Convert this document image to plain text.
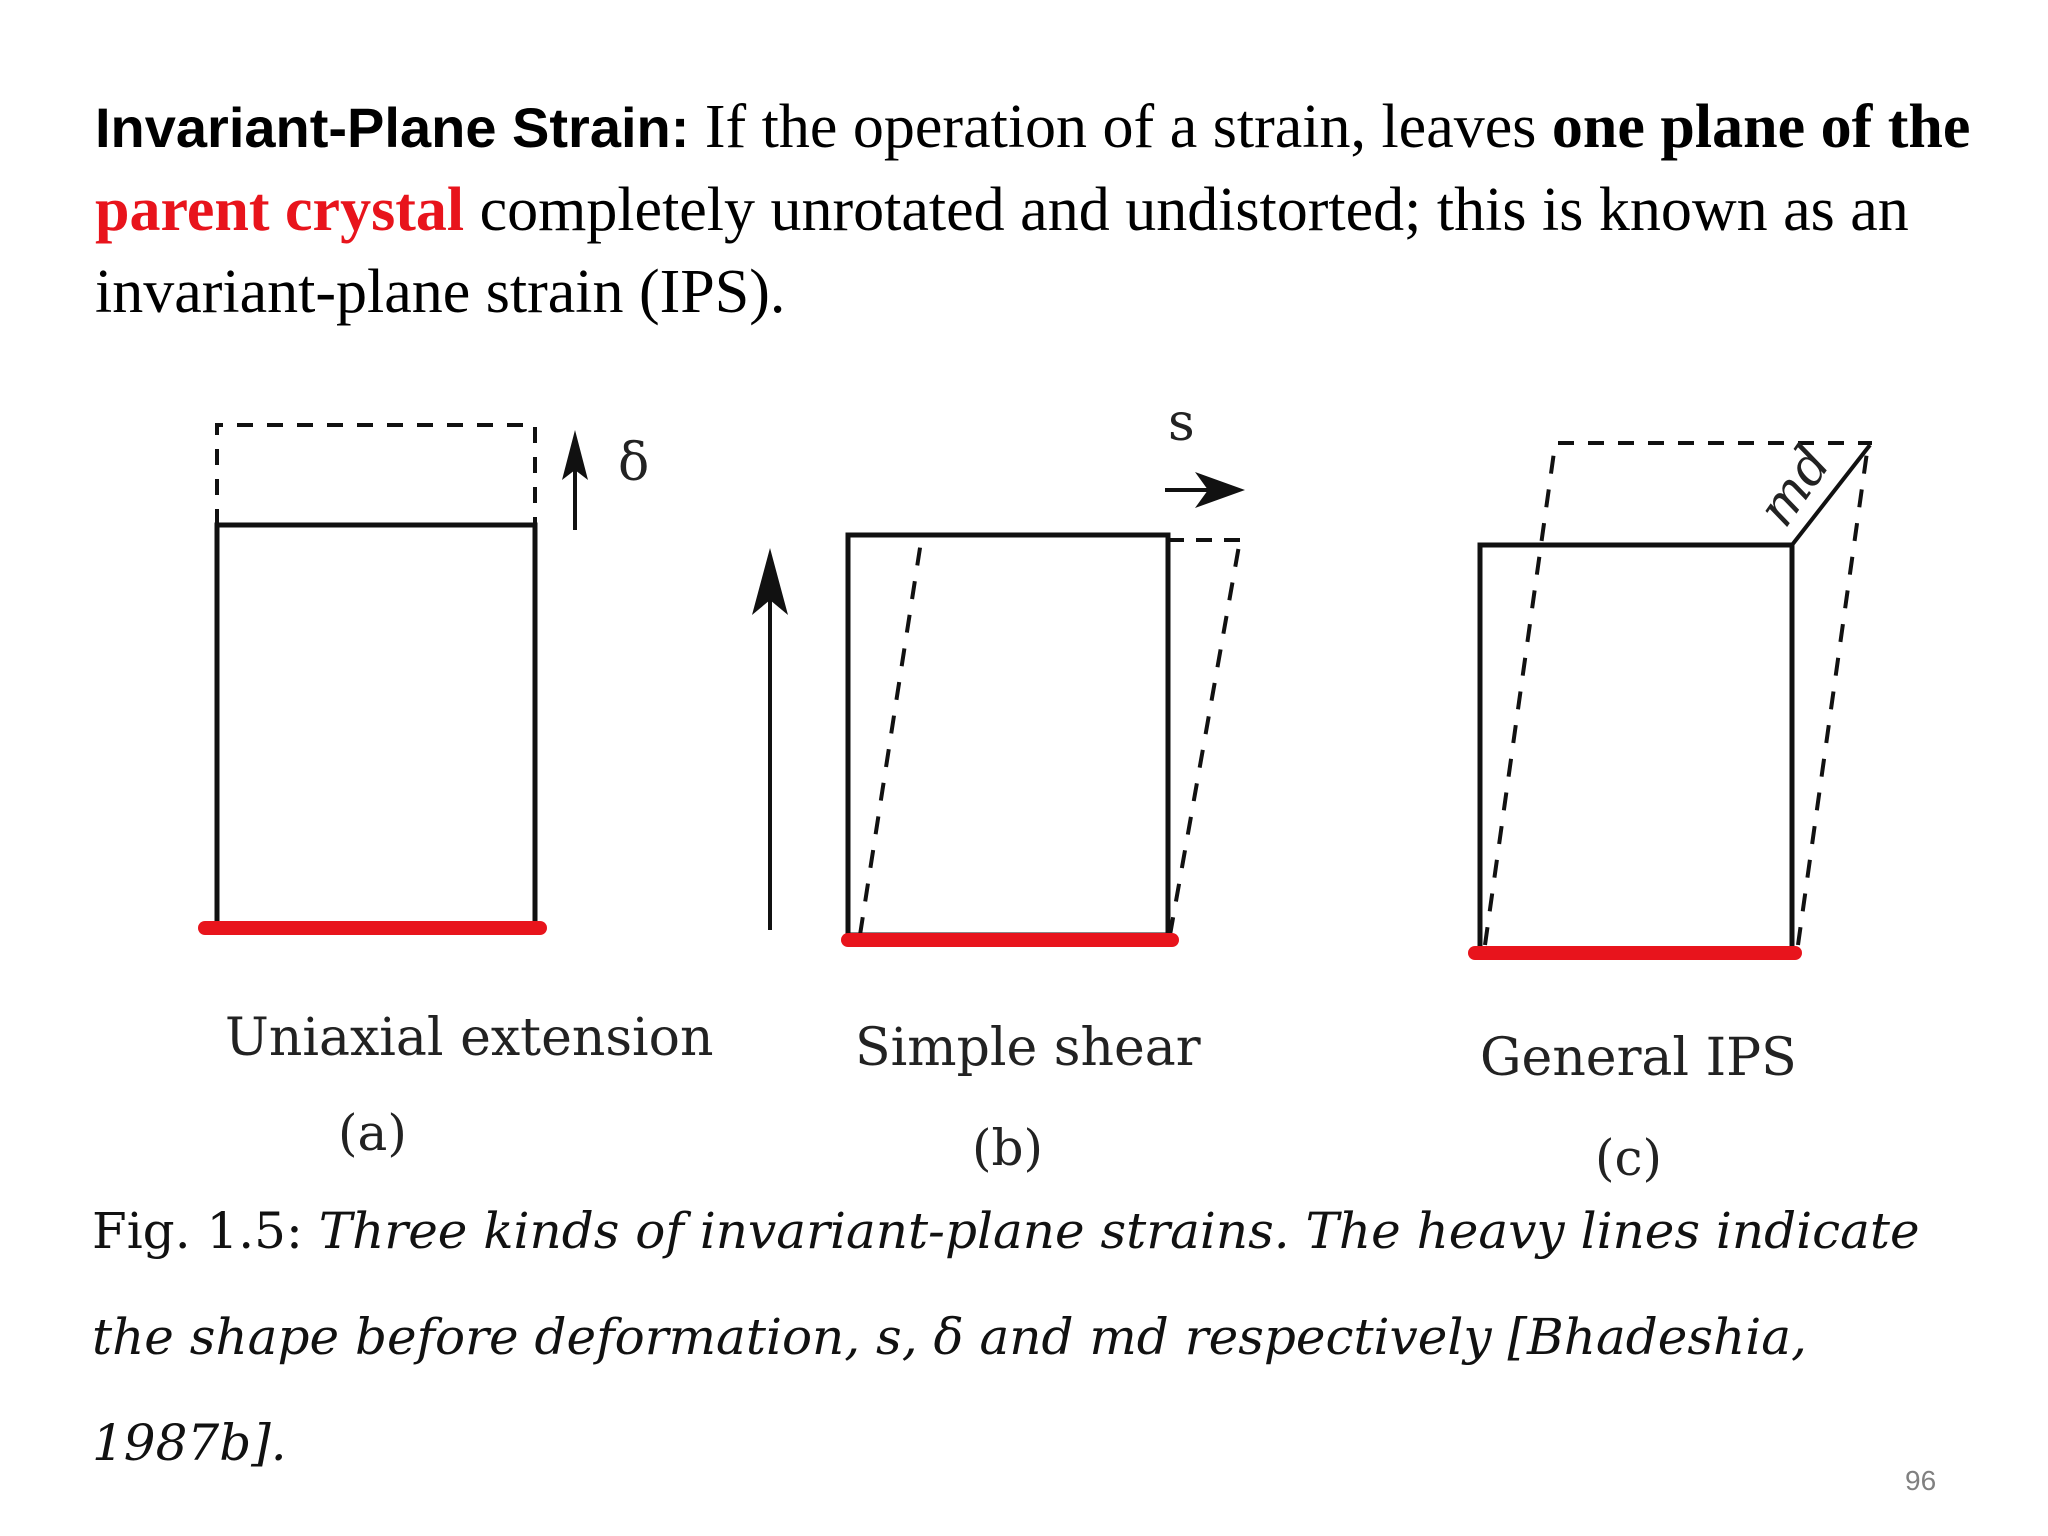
Invariant-Plane Strain: If the operation of a strain, leaves one plane of the parent crystal completely unrotated and undistorted; this is known as an invariant-plane strain (IPS).
δ
Uniaxial extension
(a)
s
Simple shear
(b)
md
General IPS
(c)
Fig. 1.5: Three kinds of invariant-plane strains. The heavy lines indicate the shape before deformation, s, δ and md respectively [Bhadeshia, 1987b].
96
